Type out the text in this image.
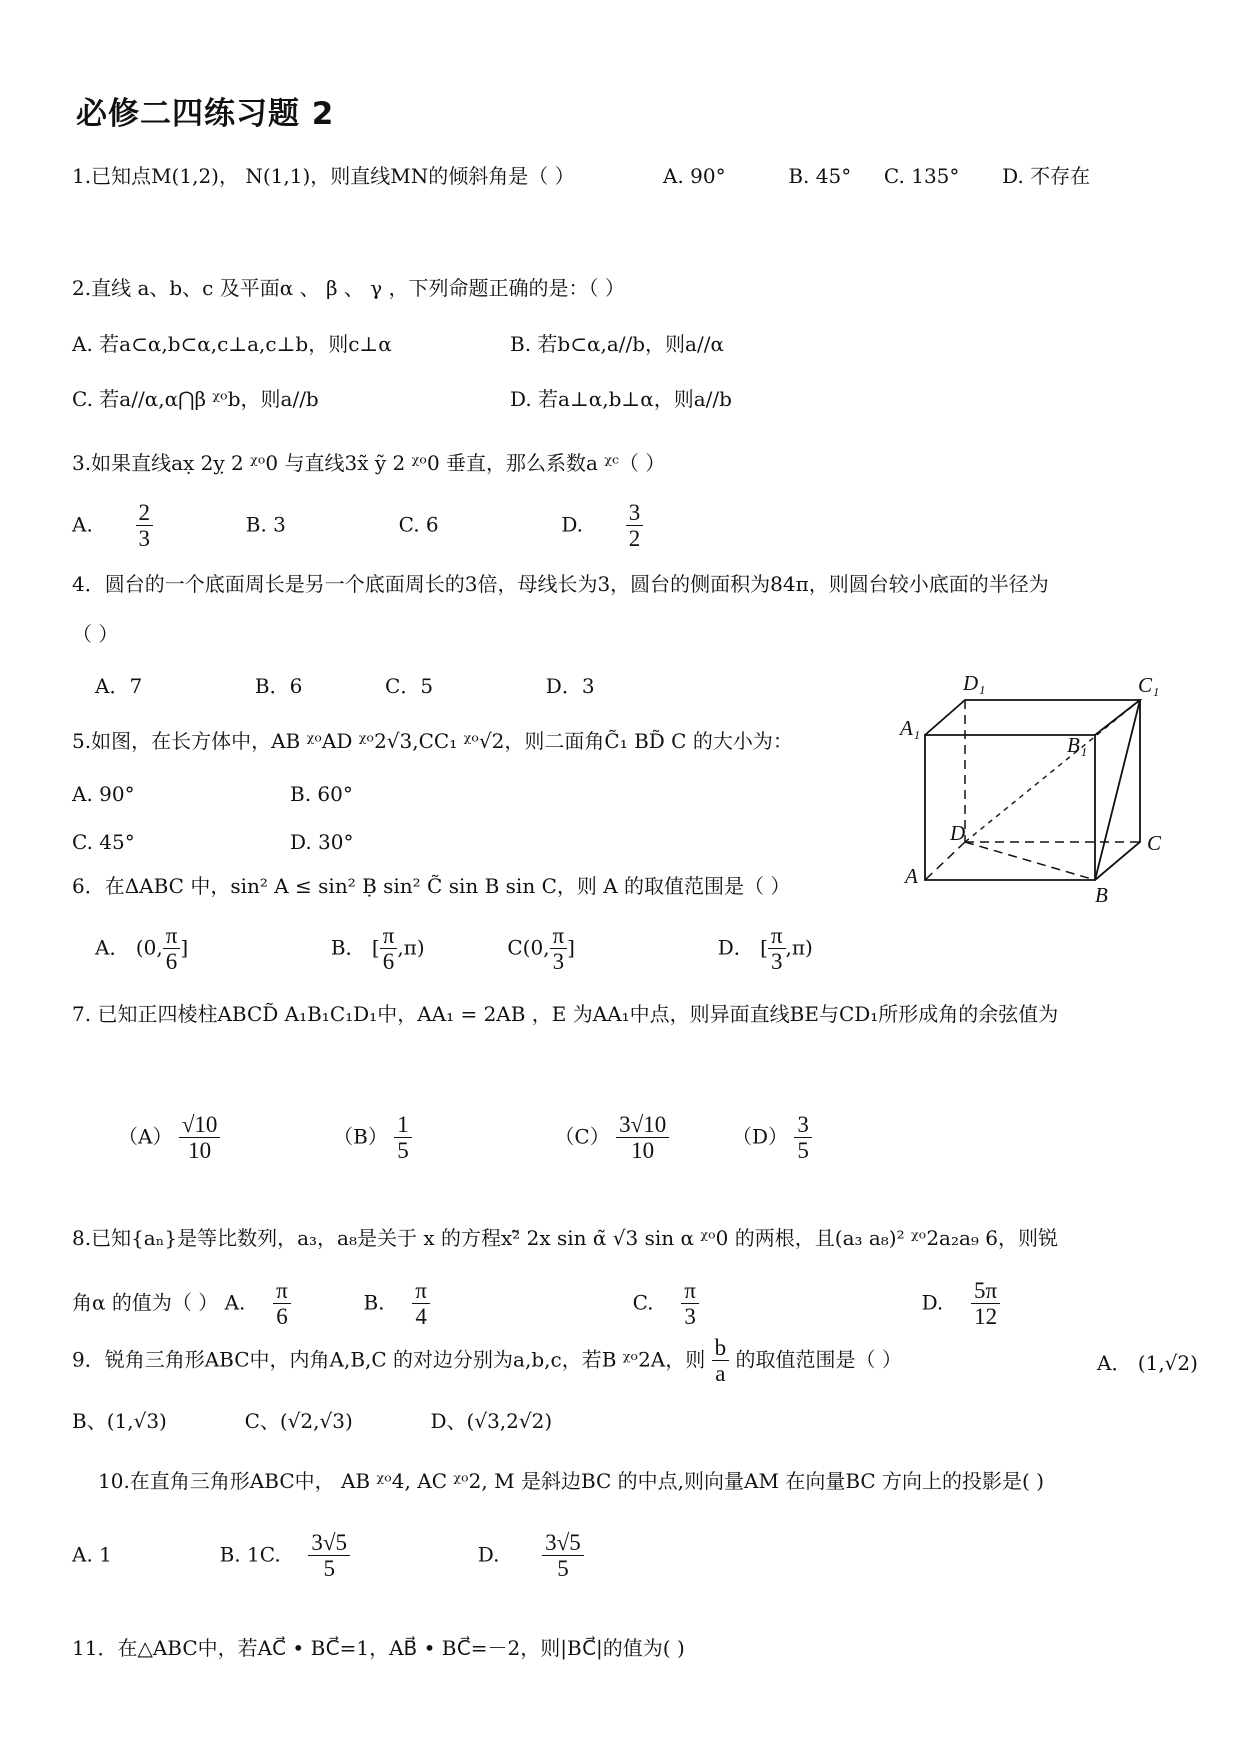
必修二四练习题 2
1.已知点M(1,2)， N(1,1)，则直线MN的倾斜角是（ ）	A. 90°	B. 45° C. 135° D. 不存在
2.直线 a、b、c 及平面α 、 β 、 γ ，下列命题正确的是：（ ）
A. 若a⊂α,b⊂α,c⊥a,c⊥b，则c⊥α	B. 若b⊂α,a//b，则a//α
C. 若a//α,α⋂β ᵡᵒb，则a//b	D. 若a⊥α,b⊥α，则a//b
3.如果直线ax̣ 2ỵ 2 ᵡᵒ0 与直线3x̃ ỹ 2 ᵡᵒ0 垂直，那么系数a ᵡᶜ（ ）
A. $\frac{2}{3}$	B. 3	C. 6	D. $\frac{3}{2}$
4．圆台的一个底面周长是另一个底面周长的3倍，母线长为3，圆台的侧面积为84π，则圆台较小底面的半径为
（ ）
A．7	B．6	C．5	D．3
5.如图，在长方体中，AB ᵡᵒAD ᵡᵒ2√3,CC₁ ᵡᵒ√2，则二面角C̃₁ BD̃ C 的大小为：
A. 90°	B. 60°
C. 45°	D. 30°
D₁	C₁
A₁
B₁
D	C
A
B
6．在ΔABC 中，sin² A ≤ sin² Ḅ sin² C̃ sin B sin C，则 A 的取值范围是（ ）
A． (0, $\frac{\pi}{6}$ ]	B． [ $\frac{\pi}{6} ,\pi$)	C(0, $\frac{\pi}{3}$ ]	D． [ $\frac{\pi}{3} ,\pi$)
7. 已知正四棱柱ABCD̃ A₁B₁C₁D₁中，AA₁ = 2AB ，E 为AA₁中点，则异面直线BE与CD₁所形成角的余弦值为
$(A) \frac{√10}{10}$	$(B) \frac{1}{5}$	$(C) \frac{3√10}{10}$	$(D) \frac{3}{5}$
8.已知{aₙ}是等比数列，a₃，a₈是关于 x 的方程x²̃ 2x sin α̃ √3 sin α ᵡᵒ0 的两根，且(a₃ a₈)² ᵡᵒ2a₂a₉ 6，则锐
角α 的值为（ ） A. $\frac{\pi}{6}$	B. $\frac{\pi}{4}$	C. $\frac{\pi}{3}$	D. $\frac{5\pi}{12}$
9．锐角三角形ABC中，内角A,B,C 的对边分别为a,b,c，若B ᵡᵒ2A，则 $\frac{b}{a}$ 的取值范围是（ ）	A． (1,√2)
B、(1,√3)	C、(√2,√3)	D、(√3,2√2)
10.在直角三角形ABC中， AB ᵡᵒ4, AC ᵡᵒ2, M 是斜边BC 的中点,则向量AM 在向量BC 方向上的投影是( )
A. 1	B. 1C. $\frac{3√5}{5}$	D. $\frac{3√5}{5}$
11．在△ABC中，若AC⃗ • BC⃗=1，AB⃗ • BC⃗=－2，则|BC⃗|的值为( )
